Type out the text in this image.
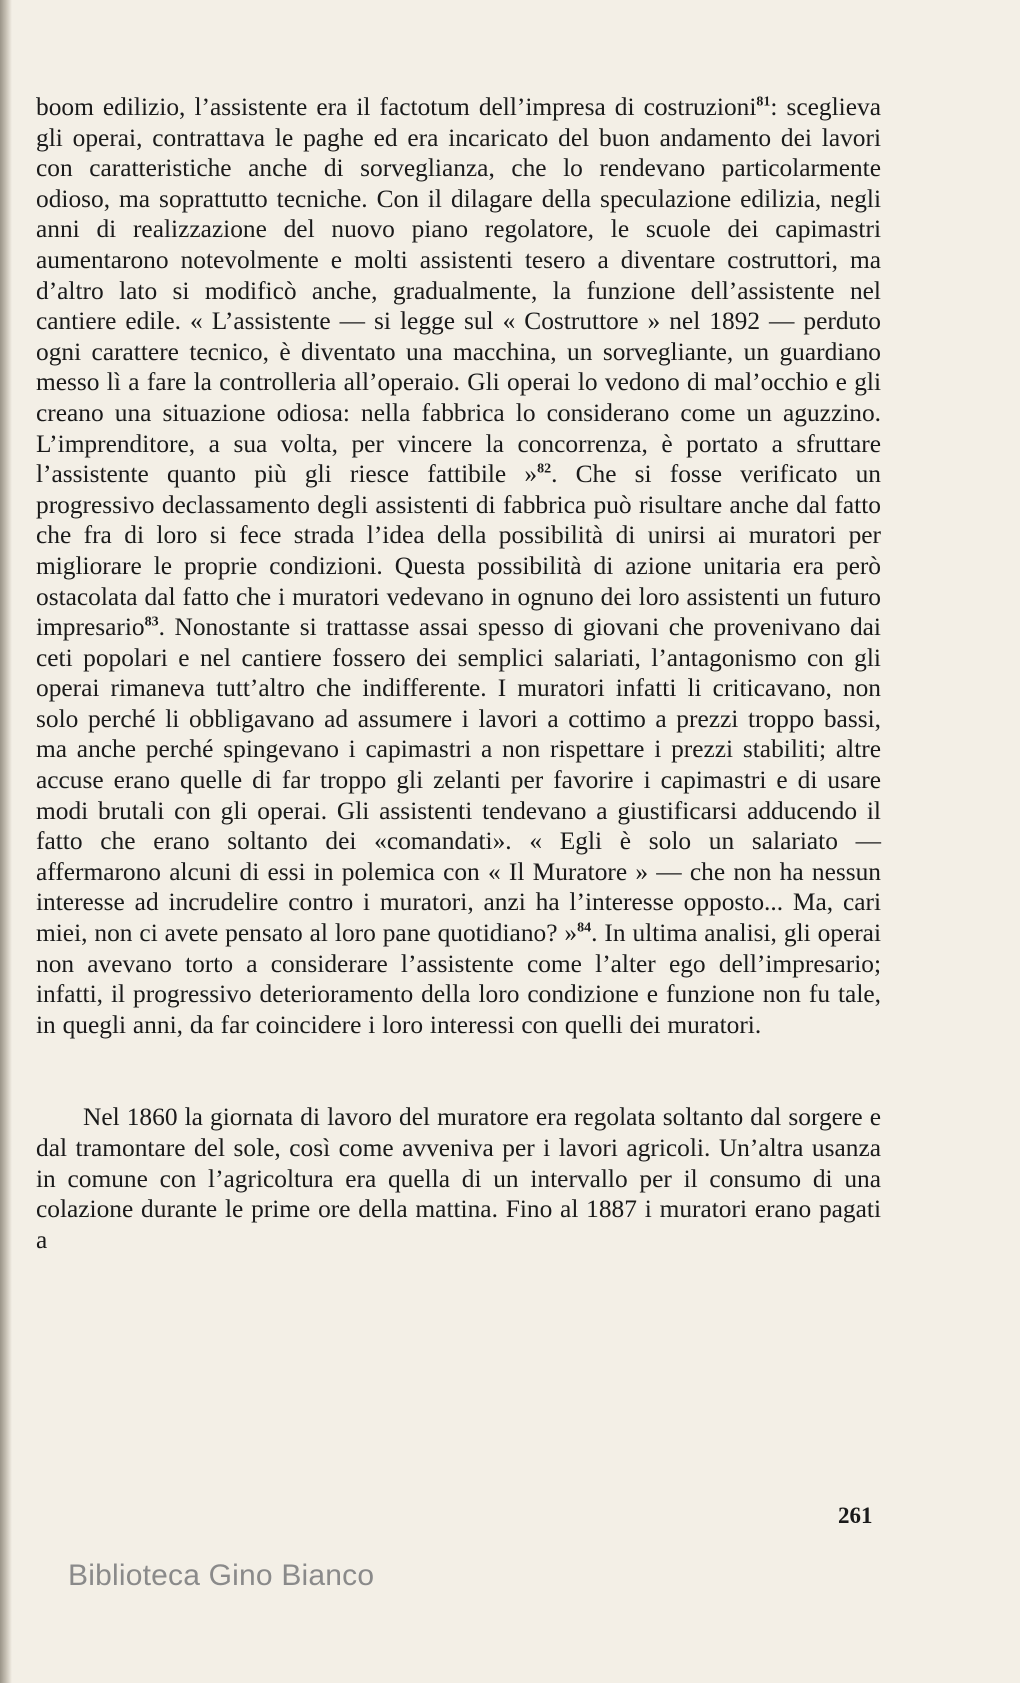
boom edilizio, l’assistente era il factotum dell’impresa di costruzioni$^{81}$: sceglieva gli operai, contrattava le paghe ed era incaricato del buon andamento dei lavori con caratteristiche anche di sorveglianza, che lo rendevano particolarmente odioso, ma soprattutto tecniche. Con il dilagare della speculazione edilizia, negli anni di realizzazione del nuovo piano regolatore, le scuole dei capimastri aumentarono notevolmente e molti assistenti tesero a diventare costruttori, ma d’altro lato si modificò anche, gradualmente, la funzione dell’assistente nel cantiere edile. « L’assistente — si legge sul « Costruttore » nel 1892 — perduto ogni carattere tecnico, è diventato una macchina, un sorvegliante, un guardiano messo lì a fare la controlleria all’operaio. Gli operai lo vedono di mal’occhio e gli creano una situazione odiosa: nella fabbrica lo considerano come un aguzzino. L’imprenditore, a sua volta, per vincere la concorrenza, è portato a sfruttare l’assistente quanto più gli riesce fattibile »$^{82}$. Che si fosse verificato un progressivo declassamento degli assistenti di fabbrica può risultare anche dal fatto che fra di loro si fece strada l’idea della possibilità di unirsi ai muratori per migliorare le proprie condizioni. Questa possibilità di azione unitaria era però ostacolata dal fatto che i muratori vedevano in ognuno dei loro assistenti un futuro impresario$^{83}$. Nonostante si trattasse assai spesso di giovani che provenivano dai ceti popolari e nel cantiere fossero dei semplici salariati, l’antagonismo con gli operai rimaneva tutt’altro che indifferente. I muratori infatti li criticavano, non solo perché li obbligavano ad assumere i lavori a cottimo a prezzi troppo bassi, ma anche perché spingevano i capimastri a non rispettare i prezzi stabiliti; altre accuse erano quelle di far troppo gli zelanti per favorire i capimastri e di usare modi brutali con gli operai. Gli assistenti tendevano a giustificarsi adducendo il fatto che erano soltanto dei «comandati». « Egli è solo un salariato — affermarono alcuni di essi in polemica con « Il Muratore » — che non ha nessun interesse ad incrudelire contro i muratori, anzi ha l’interesse opposto... Ma, cari miei, non ci avete pensato al loro pane quotidiano? »$^{84}$. In ultima analisi, gli operai non avevano torto a considerare l’assistente come l’alter ego dell’impresario; infatti, il progressivo deterioramento della loro condizione e funzione non fu tale, in quegli anni, da far coincidere i loro interessi con quelli dei muratori.

Nel 1860 la giornata di lavoro del muratore era regolata soltanto dal sorgere e dal tramontare del sole, così come avveniva per i lavori agricoli. Un’altra usanza in comune con l’agricoltura era quella di un intervallo per il consumo di una colazione durante le prime ore della mattina. Fino al 1887 i muratori erano pagati a

261
Biblioteca Gino Bianco
